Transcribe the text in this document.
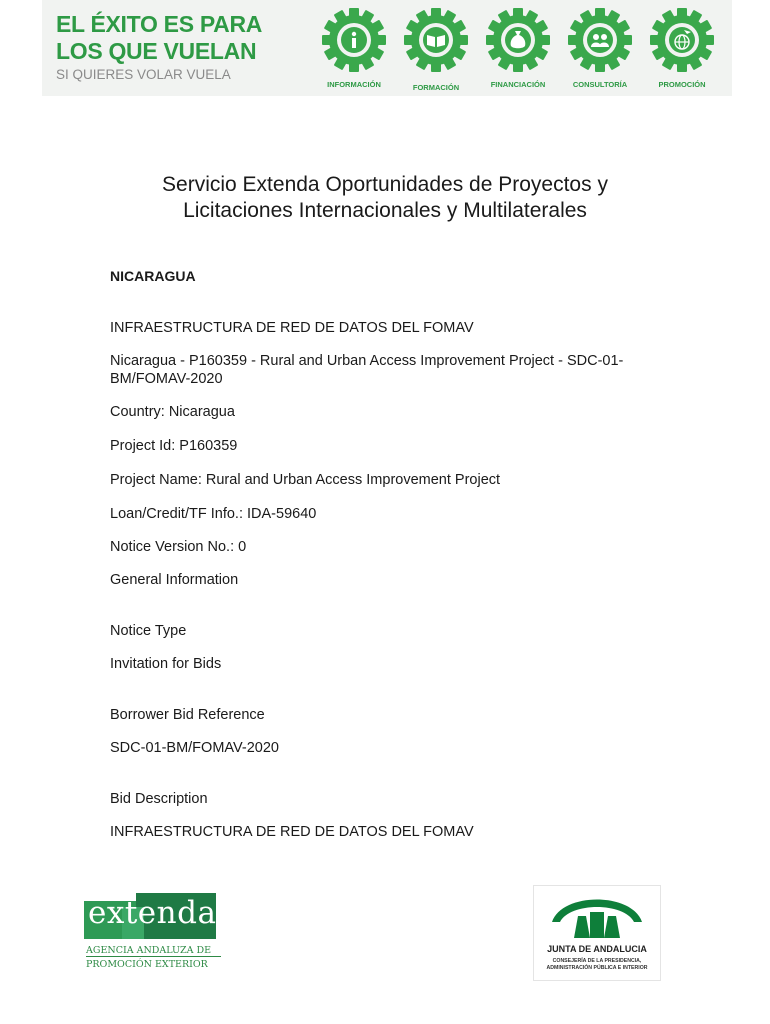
EL ÉXITO ES PARA
LOS QUE VUELAN
SI QUIERES VOLAR VUELA
INFORMACIÓN	FORMACIÓN	FINANCIACIÓN	CONSULTORÍA	PROMOCIÓN
Servicio Extenda Oportunidades de Proyectos y
Licitaciones Internacionales y Multilaterales
NICARAGUA
INFRAESTRUCTURA DE RED DE DATOS DEL FOMAV
Nicaragua - P160359 - Rural and Urban Access Improvement Project - SDC-01-BM/FOMAV-2020
Country: Nicaragua
Project Id: P160359
Project Name: Rural and Urban Access Improvement Project
Loan/Credit/TF Info.: IDA-59640
Notice Version No.: 0
General Information
Notice Type
Invitation for Bids
Borrower Bid Reference
SDC-01-BM/FOMAV-2020
Bid Description
INFRAESTRUCTURA DE RED DE DATOS DEL FOMAV
extenda
AGENCIA ANDALUZA DE
PROMOCIÓN EXTERIOR
JUNTA DE ANDALUCIA
CONSEJERÍA DE LA PRESIDENCIA,
ADMINISTRACIÓN PÚBLICA E INTERIOR
